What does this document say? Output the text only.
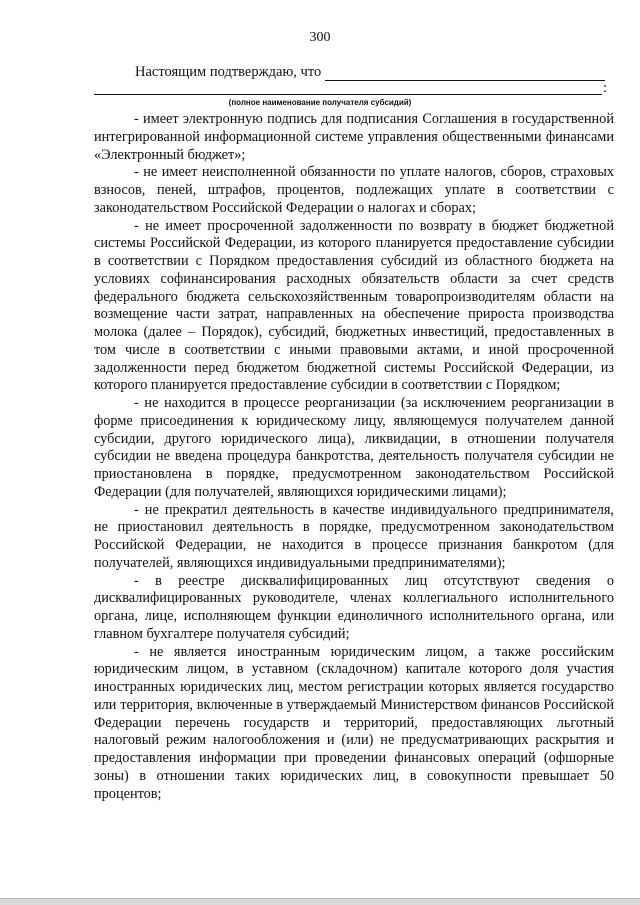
300
Настоящим подтверждаю, что
:
(полное наименование получателя субсидий)

- имеет электронную подпись для подписания Соглашения в государственной интегрированной информационной системе управления общественными финансами «Электронный бюджет»;

- не имеет неисполненной обязанности по уплате налогов, сборов, страховых взносов, пеней, штрафов, процентов, подлежащих уплате в соответствии с законодательством Российской Федерации о налогах и сборах;

- не имеет просроченной задолженности по возврату в бюджет бюджетной системы Российской Федерации, из которого планируется предоставление субсидии в соответствии с Порядком предоставления субсидий из областного бюджета на условиях софинансирования расходных обязательств области за счет средств федерального бюджета сельскохозяйственным товаропроизводителям области на возмещение части затрат, направленных на обеспечение прироста производства молока (далее – Порядок), субсидий, бюджетных инвестиций, предоставленных в том числе в соответствии с иными правовыми актами, и иной просроченной задолженности перед бюджетом бюджетной системы Российской Федерации, из которого планируется предоставление субсидии в соответствии с Порядком;

- не находится в процессе реорганизации (за исключением реорганизации в форме присоединения к юридическому лицу, являющемуся получателем данной субсидии, другого юридического лица), ликвидации, в отношении получателя субсидии не введена процедура банкротства, деятельность получателя субсидии не приостановлена в порядке, предусмотренном законодательством Российской Федерации (для получателей, являющихся юридическими лицами);

- не прекратил деятельность в качестве индивидуального предпринимателя, не приостановил деятельность в порядке, предусмотренном законодательством Российской Федерации, не находится в процессе признания банкротом (для получателей, являющихся индивидуальными предпринимателями);

- в реестре дисквалифицированных лиц отсутствуют сведения о дисквалифицированных руководителе, членах коллегиального исполнительного органа, лице, исполняющем функции единоличного исполнительного органа, или главном бухгалтере получателя субсидий;

- не является иностранным юридическим лицом, а также российским юридическим лицом, в уставном (складочном) капитале которого доля участия иностранных юридических лиц, местом регистрации которых является государство или территория, включенные в утверждаемый Министерством финансов Российской Федерации перечень государств и территорий, предоставляющих льготный налоговый режим налогообложения и (или) не предусматривающих раскрытия и предоставления информации при проведении финансовых операций (офшорные зоны) в отношении таких юридических лиц, в совокупности превышает 50 процентов;
